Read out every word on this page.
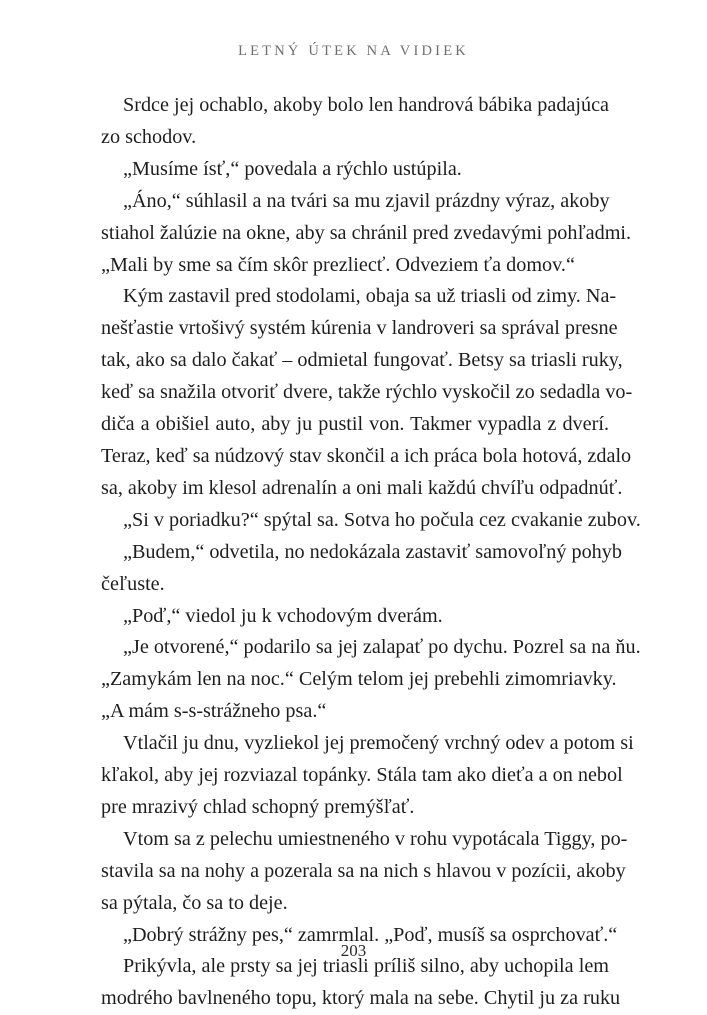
LETNÝ ÚTEK NA VIDIEK
Srdce jej ochablo, akoby bolo len handrová bábika padajúca
zo schodov.
„Musíme ísť,“ povedala a rýchlo ustúpila.
„Áno,“ súhlasil a na tvári sa mu zjavil prázdny výraz, akoby
stiahol žalúzie na okne, aby sa chránil pred zvedavými pohľadmi.
„Mali by sme sa čím skôr prezliecť. Odveziem ťa domov.“
Kým zastavil pred stodolami, obaja sa už triasli od zimy. Na-
nešťastie vrtošivý systém kúrenia v landroveri sa správal presne
tak, ako sa dalo čakať – odmietal fungovať. Betsy sa triasli ruky,
keď sa snažila otvoriť dvere, takže rýchlo vyskočil zo sedadla vo-
diča a obišiel auto, aby ju pustil von. Takmer vypadla z dverí.
Teraz, keď sa núdzový stav skončil a ich práca bola hotová, zdalo
sa, akoby im klesol adrenalín a oni mali každú chvíľu odpadnúť.
„Si v poriadku?“ spýtal sa. Sotva ho počula cez cvakanie zubov.
„Budem,“ odvetila, no nedokázala zastaviť samovoľný pohyb
čeľuste.
„Poď,“ viedol ju k vchodovým dverám.
„Je otvorené,“ podarilo sa jej zalapať po dychu. Pozrel sa na ňu.
„Zamykám len na noc.“ Celým telom jej prebehli zimomriavky.
„A mám s-s-strážneho psa.“
Vtlačil ju dnu, vyzliekol jej premočený vrchný odev a potom si
kľakol, aby jej rozviazal topánky. Stála tam ako dieťa a on nebol
pre mrazivý chlad schopný premýšľať.
Vtom sa z pelechu umiestneného v rohu vypotácala Tiggy, po-
stavila sa na nohy a pozerala sa na nich s hlavou v pozícii, akoby
sa pýtala, čo sa to deje.
„Dobrý strážny pes,“ zamrmlal. „Poď, musíš sa osprchovať.“
Prikývla, ale prsty sa jej triasli príliš silno, aby uchopila lem
modrého bavlneného topu, ktorý mala na sebe. Chytil ju za ruku
203
